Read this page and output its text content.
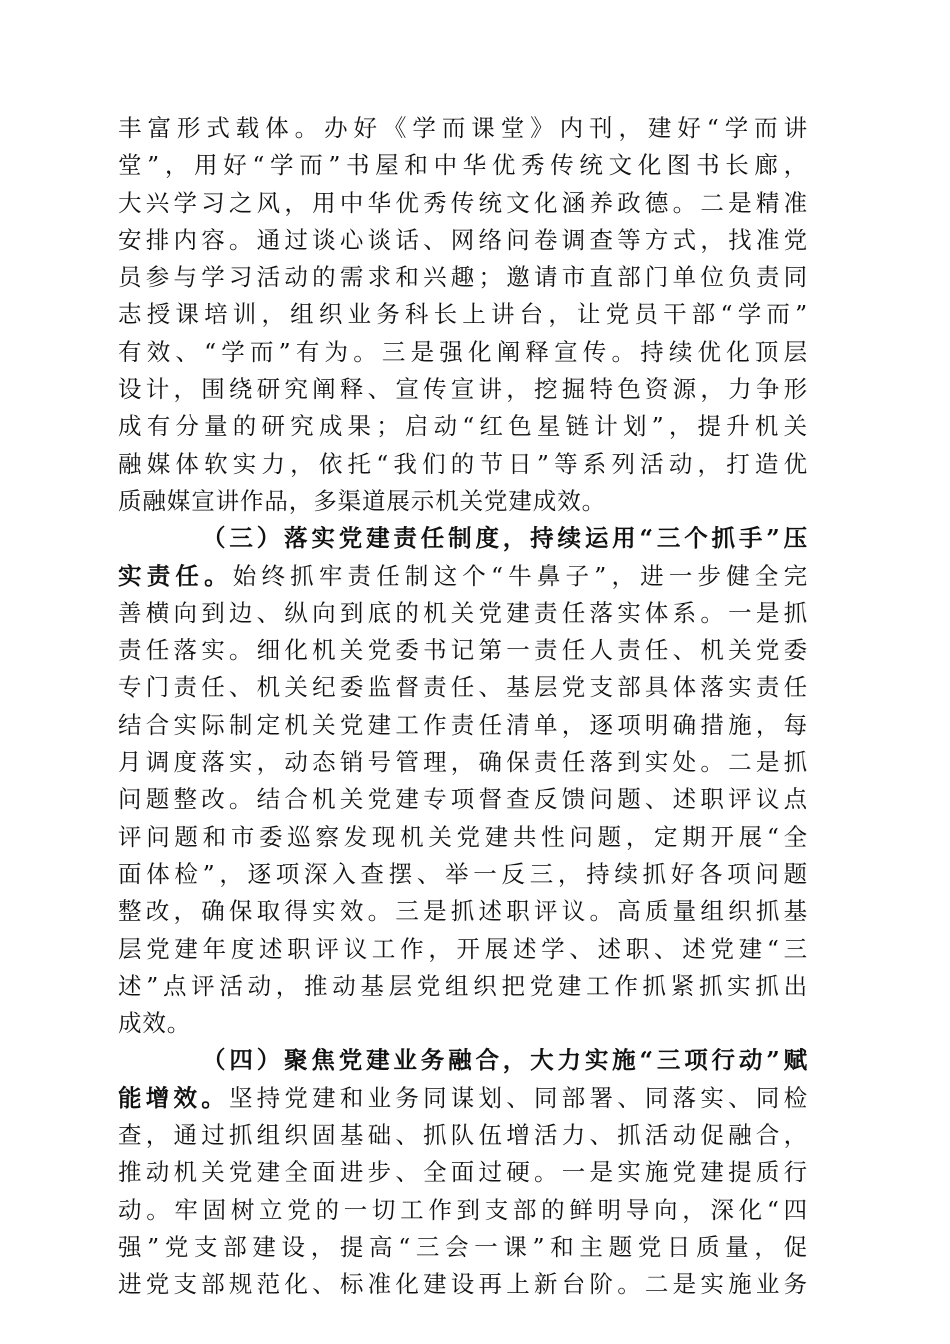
丰富形式载体。办好《学而课堂》内刊，建好“学而讲
堂”，用好“学而”书屋和中华优秀传统文化图书长廊，
大兴学习之风，用中华优秀传统文化涵养政德。二是精准
安排内容。通过谈心谈话、网络问卷调查等方式，找准党
员参与学习活动的需求和兴趣；邀请市直部门单位负责同
志授课培训，组织业务科长上讲台，让党员干部“学而”
有效、“学而”有为。三是强化阐释宣传。持续优化顶层
设计，围绕研究阐释、宣传宣讲，挖掘特色资源，力争形
成有分量的研究成果；启动“红色星链计划”，提升机关
融媒体软实力，依托“我们的节日”等系列活动，打造优
质融媒宣讲作品，多渠道展示机关党建成效。
（三）落实党建责任制度，持续运用“三个抓手”压
实责任。始终抓牢责任制这个“牛鼻子”，进一步健全完
善横向到边、纵向到底的机关党建责任落实体系。一是抓
责任落实。细化机关党委书记第一责任人责任、机关党委
专门责任、机关纪委监督责任、基层党支部具体落实责任
结合实际制定机关党建工作责任清单，逐项明确措施，每
月调度落实，动态销号管理，确保责任落到实处。二是抓
问题整改。结合机关党建专项督查反馈问题、述职评议点
评问题和市委巡察发现机关党建共性问题，定期开展“全
面体检”，逐项深入查摆、举一反三，持续抓好各项问题
整改，确保取得实效。三是抓述职评议。高质量组织抓基
层党建年度述职评议工作，开展述学、述职、述党建“三
述”点评活动，推动基层党组织把党建工作抓紧抓实抓出
成效。
（四）聚焦党建业务融合，大力实施“三项行动”赋
能增效。坚持党建和业务同谋划、同部署、同落实、同检
查，通过抓组织固基础、抓队伍增活力、抓活动促融合，
推动机关党建全面进步、全面过硬。一是实施党建提质行
动。牢固树立党的一切工作到支部的鲜明导向，深化“四
强”党支部建设，提高“三会一课”和主题党日质量，促
进党支部规范化、标准化建设再上新台阶。二是实施业务
